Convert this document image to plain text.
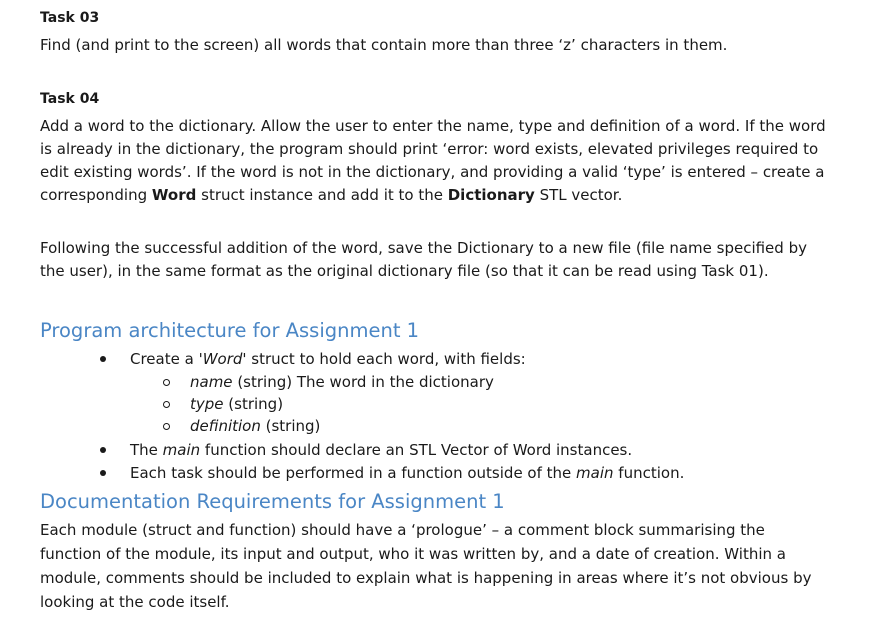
Task 03
Find (and print to the screen) all words that contain more than three ‘z’ characters in them.
Task 04
Add a word to the dictionary. Allow the user to enter the name, type and definition of a word. If the word is already in the dictionary, the program should print ‘error: word exists, elevated privileges required to edit existing words’. If the word is not in the dictionary, and providing a valid ‘type’ is entered – create a corresponding Word struct instance and add it to the Dictionary STL vector.
Following the successful addition of the word, save the Dictionary to a new file (file name specified by the user), in the same format as the original dictionary file (so that it can be read using Task 01).
Program architecture for Assignment 1
Create a 'Word' struct to hold each word, with fields:
name (string) The word in the dictionary
type (string)
definition (string)
The main function should declare an STL Vector of Word instances.
Each task should be performed in a function outside of the main function.
Documentation Requirements for Assignment 1
Each module (struct and function) should have a ‘prologue’ – a comment block summarising the function of the module, its input and output, who it was written by, and a date of creation. Within a module, comments should be included to explain what is happening in areas where it’s not obvious by looking at the code itself.
